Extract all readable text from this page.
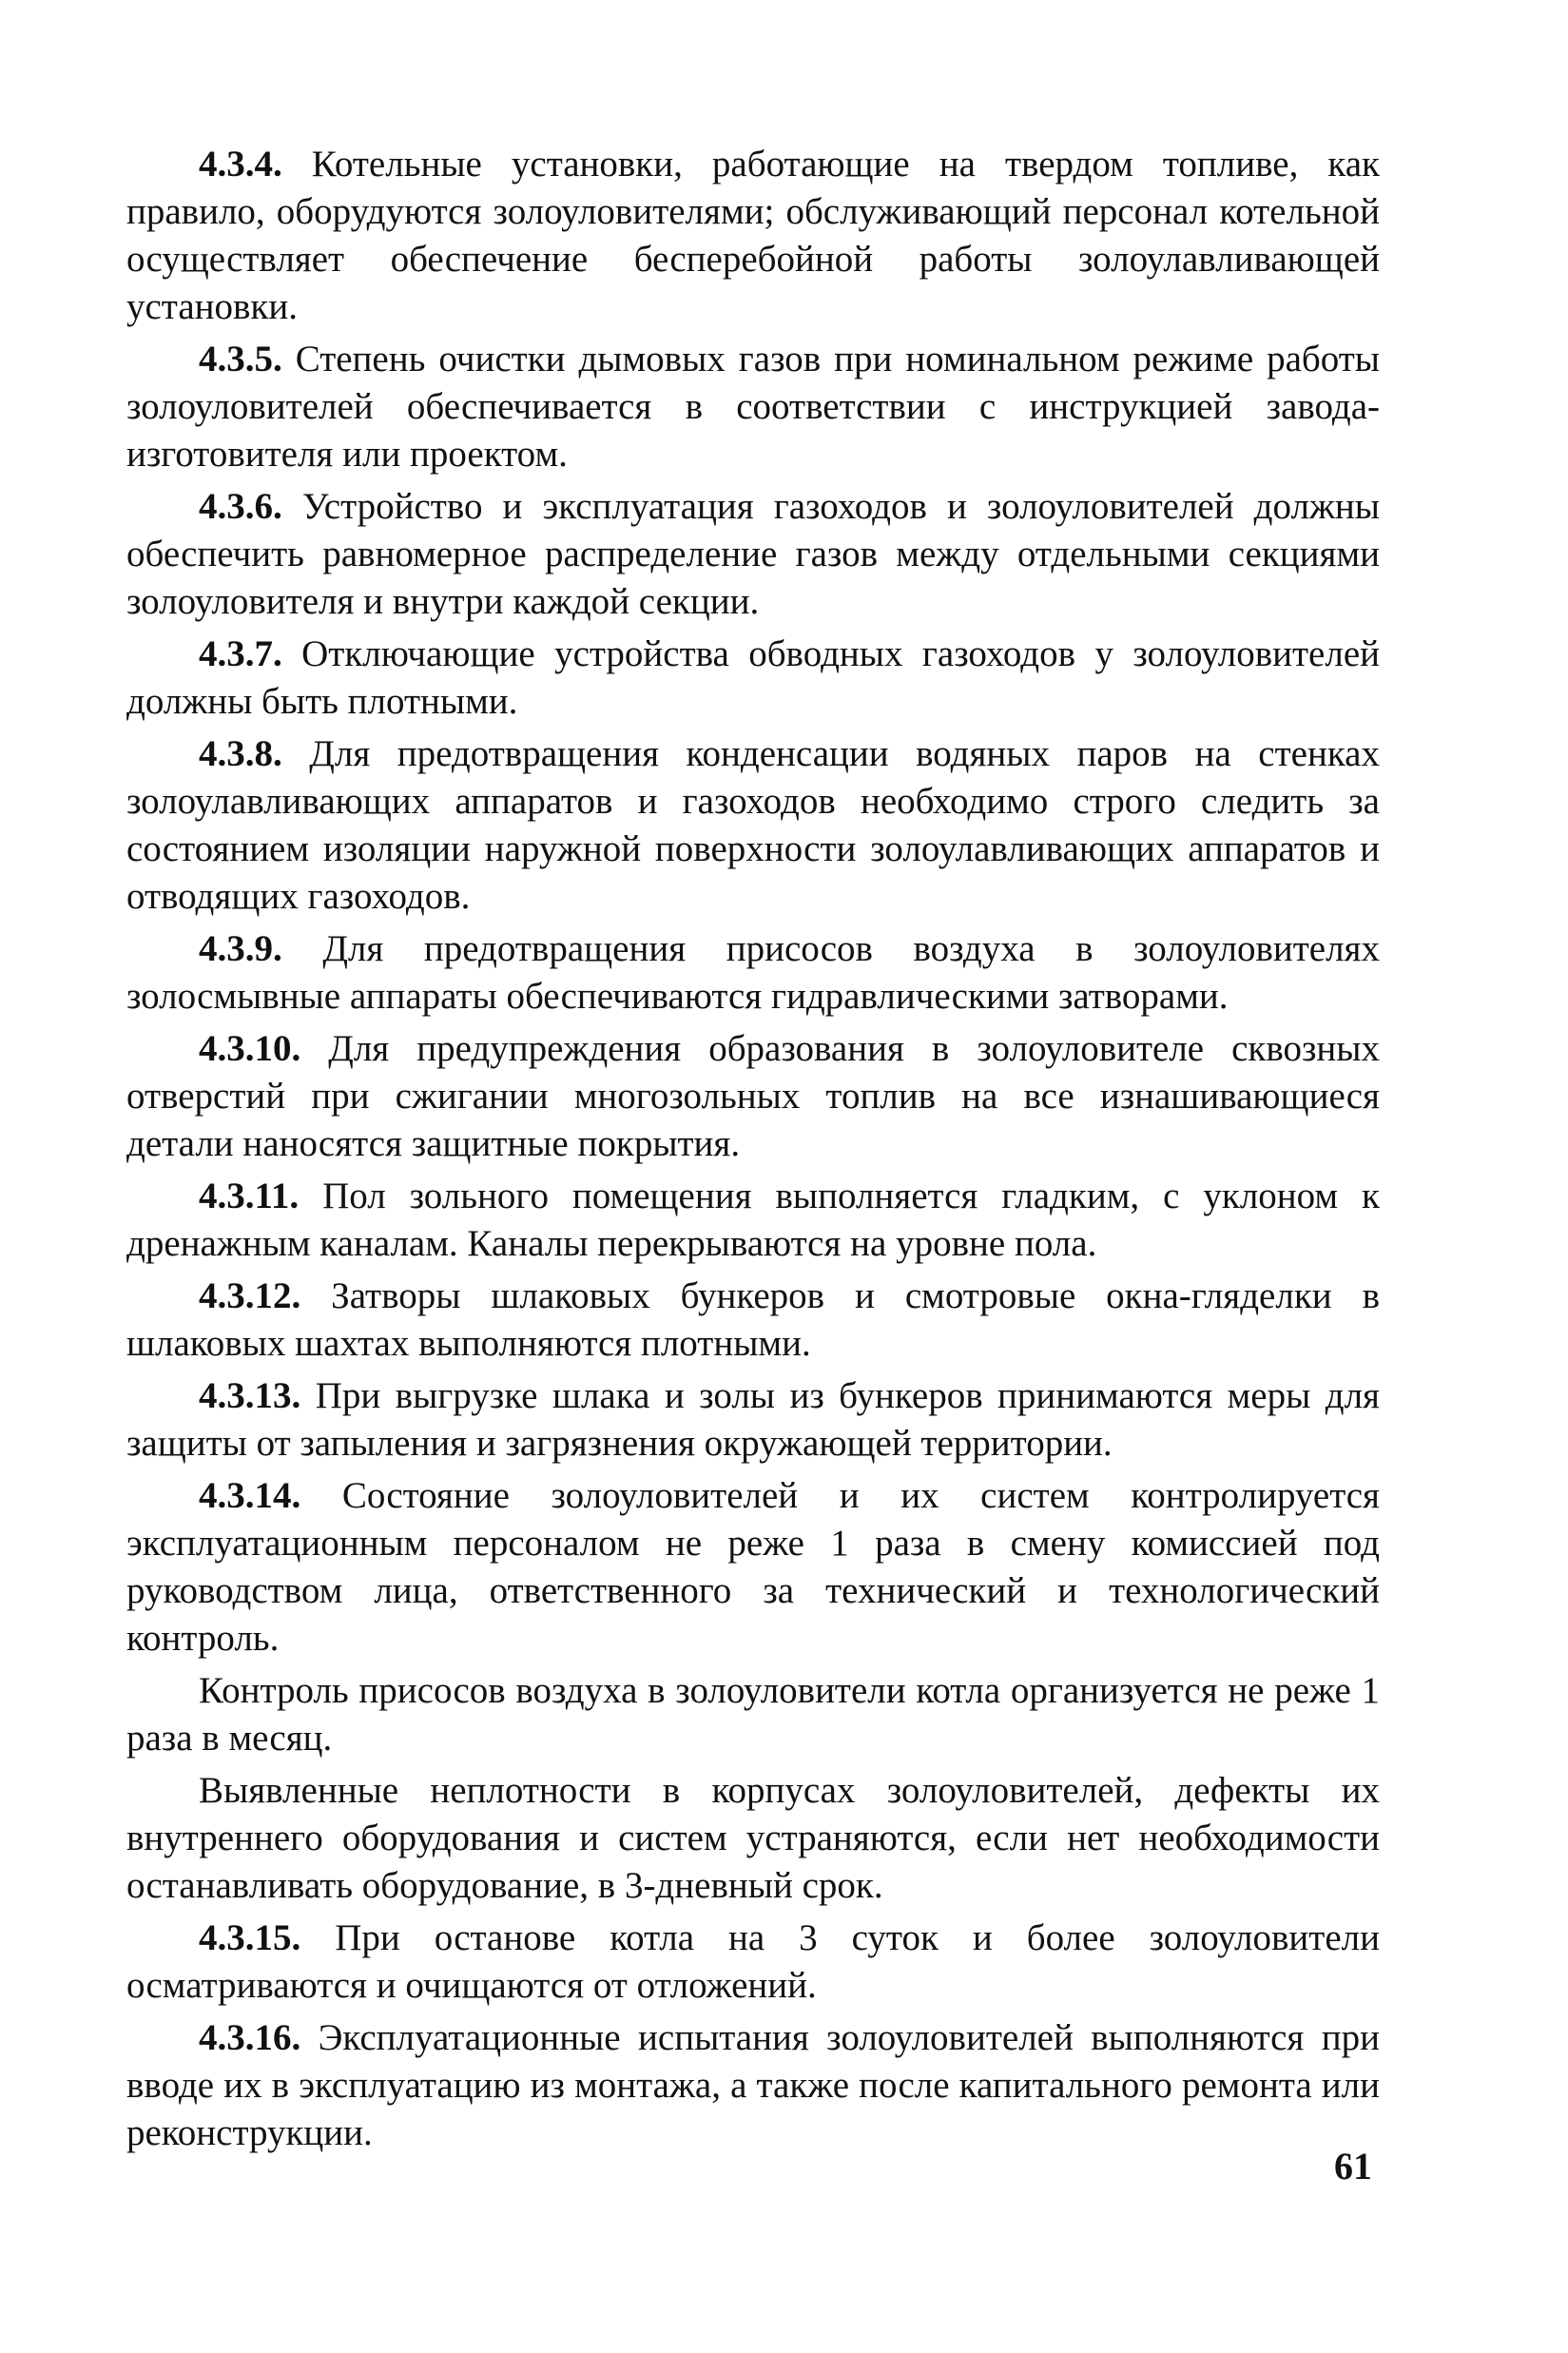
4.3.4. Котельные установки, работающие на твердом топливе, как правило, оборудуются золоуловителями; обслуживающий персонал котельной осуществляет обеспечение бесперебойной работы золоулавливающей установки.

4.3.5. Степень очистки дымовых газов при номинальном режиме работы золоуловителей обеспечивается в соответствии с инструкцией завода-изготовителя или проектом.

4.3.6. Устройство и эксплуатация газоходов и золоуловителей должны обеспечить равномерное распределение газов между отдельными секциями золоуловителя и внутри каждой секции.

4.3.7. Отключающие устройства обводных газоходов у золоуловителей должны быть плотными.

4.3.8. Для предотвращения конденсации водяных паров на стенках золоулавливающих аппаратов и газоходов необходимо строго следить за состоянием изоляции наружной поверхности золоулавливающих аппаратов и отводящих газоходов.

4.3.9. Для предотвращения присосов воздуха в золоуловителях золосмывные аппараты обеспечиваются гидравлическими затворами.

4.3.10. Для предупреждения образования в золоуловителе сквозных отверстий при сжигании многозольных топлив на все изнашивающиеся детали наносятся защитные покрытия.

4.3.11. Пол зольного помещения выполняется гладким, с уклоном к дренажным каналам. Каналы перекрываются на уровне пола.

4.3.12. Затворы шлаковых бункеров и смотровые окна-гляделки в шлаковых шахтах выполняются плотными.

4.3.13. При выгрузке шлака и золы из бункеров принимаются меры для защиты от запыления и загрязнения окружающей территории.

4.3.14. Состояние золоуловителей и их систем контролируется эксплуатационным персоналом не реже 1 раза в смену комиссией под руководством лица, ответственного за технический и технологический контроль.

Контроль присосов воздуха в золоуловители котла организуется не реже 1 раза в месяц.

Выявленные неплотности в корпусах золоуловителей, дефекты их внутреннего оборудования и систем устраняются, если нет необходимости останавливать оборудование, в 3-дневный срок.

4.3.15. При останове котла на 3 суток и более золоуловители осматриваются и очищаются от отложений.

4.3.16. Эксплуатационные испытания золоуловителей выполняются при вводе их в эксплуатацию из монтажа, а также после капитального ремонта или реконструкции.

61
